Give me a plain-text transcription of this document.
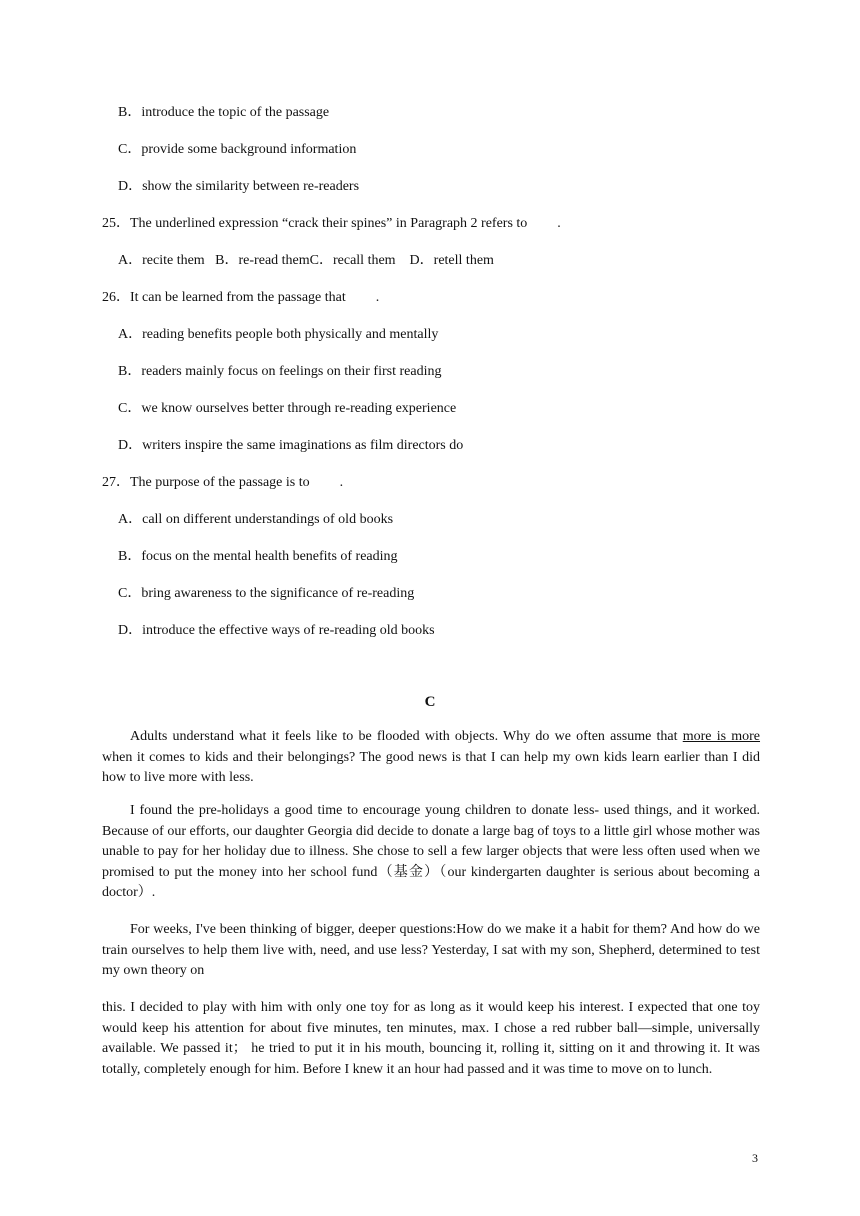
B．introduce the topic of the passage
C．provide some background information
D．show the similarity between re-readers
25．The underlined expression “crack their spines” in Paragraph 2 refers to .
A．recite them   B．re-read themC．recall them    D．retell them
26．It can be learned from the passage that .
A．reading benefits people both physically and mentally
B．readers mainly focus on feelings on their first reading
C．we know ourselves better through re-reading experience
D．writers inspire the same imaginations as film directors do
27．The purpose of the passage is to .
A．call on different understandings of old books
B．focus on the mental health benefits of reading
C．bring awareness to the significance of re-reading
D．introduce the effective ways of re-reading old books
C

Adults understand what it feels like to be flooded with objects. Why do we often assume that more is more when it comes to kids and their belongings? The good news is that I can help my own kids learn earlier than I did how to live more with less.

I found the pre-holidays a good time to encourage young children to donate less- used things, and it worked. Because of our efforts, our daughter Georgia did decide to donate a large bag of toys to a little girl whose mother was unable to pay for her holiday due to illness. She chose to sell a few larger objects that were less often used when we promised to put the money into her school fund（基金）（our kindergarten daughter is serious about becoming a doctor）.

For weeks, I've been thinking of bigger, deeper questions:How do we make it a habit for them? And how do we train ourselves to help them live with, need, and use less? Yesterday, I sat with my son, Shepherd, determined to test my own theory on

this. I decided to play with him with only one toy for as long as it would keep his interest. I expected that one toy would keep his attention for about five minutes, ten minutes, max. I chose a red rubber ball—simple, universally available. We passed it； he tried to put it in his mouth, bouncing it, rolling it, sitting on it and throwing it. It was totally, completely enough for him. Before I knew it an hour had passed and it was time to move on to lunch.

3
